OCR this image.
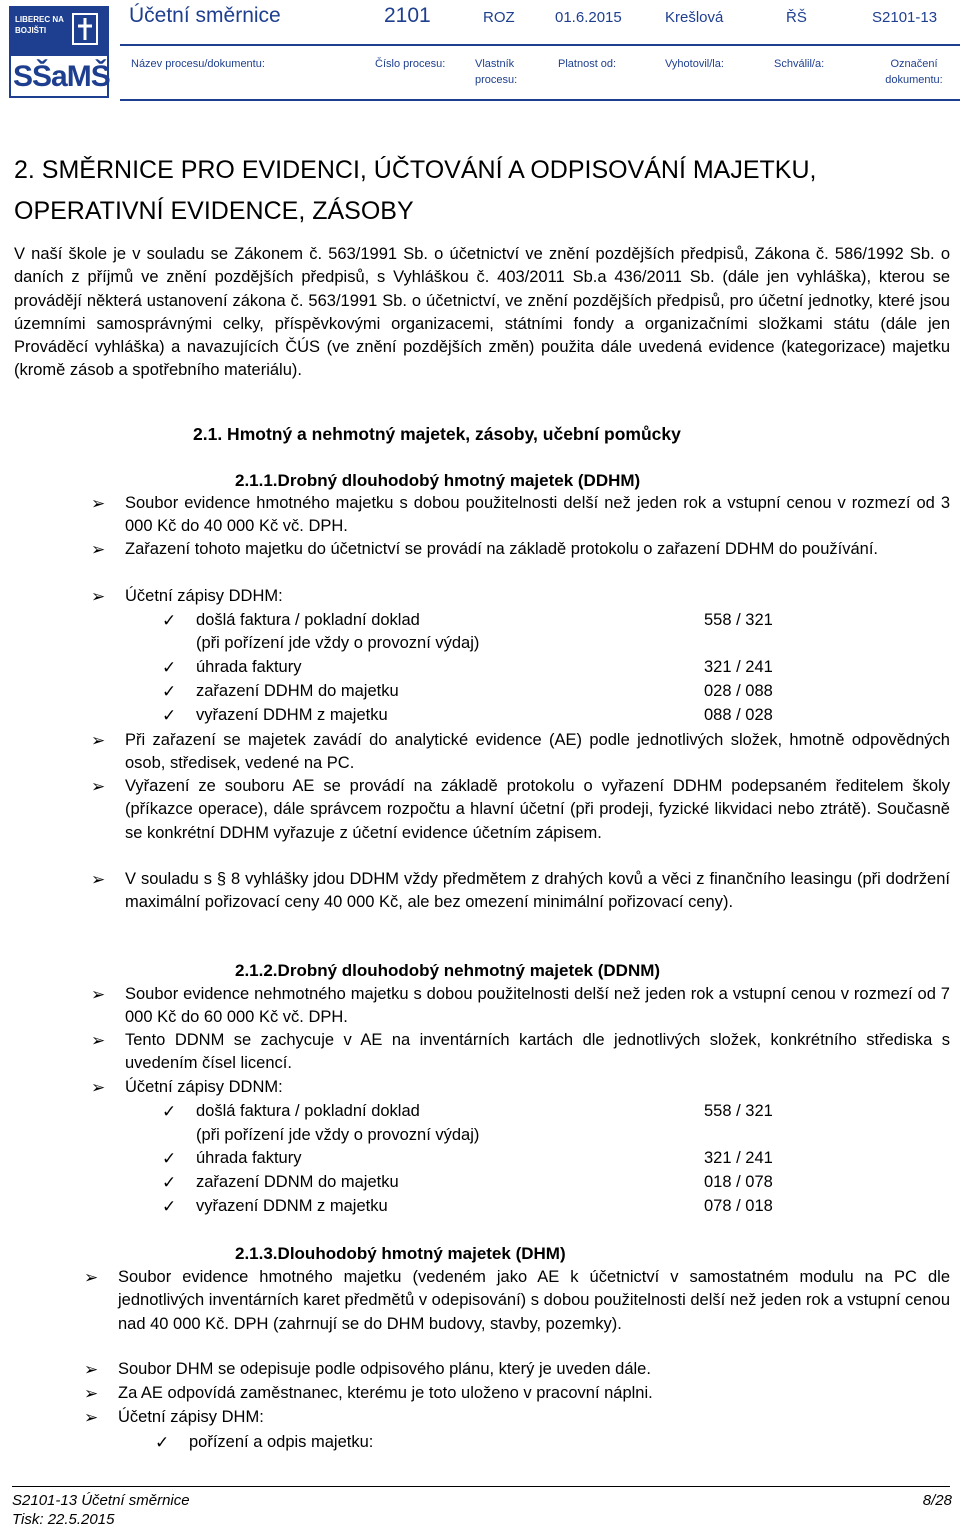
LIBEREC NA BOJIŠTI
SŠaMŠ
Účetní směrnice	2101	ROZ	01.6.2015	Krešlová	ŘŠ	S2101-13
Název procesu/dokumentu:	Číslo procesu:	Vlastník procesu:
Platnost od:	Vyhotovil/la:	Schválil/a:	Označení dokumentu:
2. SMĚRNICE PRO EVIDENCI, ÚČTOVÁNÍ A ODPISOVÁNÍ MAJETKU, OPERATIVNÍ EVIDENCE, ZÁSOBY
V naší škole je v souladu se Zákonem č. 563/1991 Sb. o účetnictví ve znění pozdějších předpisů, Zákona č. 586/1992 Sb. o daních z příjmů ve znění pozdějších předpisů, s Vyhláškou č. 403/2011 Sb.a 436/2011 Sb. (dále jen vyhláška), kterou se provádějí některá ustanovení zákona č. 563/1991 Sb. o účetnictví, ve znění pozdějších předpisů, pro účetní jednotky, které jsou územními samosprávnými celky, příspěvkovými organizacemi, státními fondy a organizačními složkami státu (dále jen Prováděcí vyhláška) a navazujících ČÚS (ve znění pozdějších změn) použita dále uvedená evidence (kategorizace) majetku (kromě zásob a spotřebního materiálu).
2.1. Hmotný a nehmotný majetek, zásoby, učební pomůcky
2.1.1.Drobný dlouhodobý hmotný majetek (DDHM)
➢ Soubor evidence hmotného majetku s dobou použitelnosti delší než jeden rok a vstupní cenou v rozmezí od 3 000 Kč do 40 000 Kč vč. DPH.
➢ Zařazení tohoto majetku do účetnictví se provádí na základě protokolu o zařazení DDHM do používání.
➢ Účetní zápisy DDHM:
✓ došlá faktura / pokladní doklad	558 / 321
(při pořízení jde vždy o provozní výdaj)
✓ úhrada faktury	321 / 241
✓ zařazení DDHM do majetku	028 / 088
✓ vyřazení DDHM z majetku	088 / 028
➢ Při zařazení se majetek zavádí do analytické evidence (AE) podle jednotlivých složek, hmotně odpovědných osob, středisek, vedené na PC.
➢ Vyřazení ze souboru AE se provádí na základě protokolu o vyřazení DDHM podepsaném ředitelem školy (příkazce operace), dále správcem rozpočtu a hlavní účetní (při prodeji, fyzické likvidaci nebo ztrátě). Současně se konkrétní DDHM vyřazuje z účetní evidence účetním zápisem.
➢ V souladu s § 8 vyhlášky jdou DDHM vždy předmětem z drahých kovů a věci z finančního leasingu (při dodržení maximální pořizovací ceny 40 000 Kč, ale bez omezení minimální pořizovací ceny).
2.1.2.Drobný dlouhodobý nehmotný majetek (DDNM)
➢ Soubor evidence nehmotného majetku s dobou použitelnosti delší než jeden rok a vstupní cenou v rozmezí od 7 000 Kč do 60 000 Kč vč. DPH.
➢ Tento DDNM se zachycuje v AE na inventárních kartách dle jednotlivých složek, konkrétního střediska s uvedením čísel licencí.
➢ Účetní zápisy DDNM:
✓ došlá faktura / pokladní doklad	558 / 321
(při pořízení jde vždy o provozní výdaj)
✓ úhrada faktury	321 / 241
✓ zařazení DDNM do majetku	018 / 078
✓ vyřazení DDNM z majetku	078 / 018
2.1.3.Dlouhodobý hmotný majetek (DHM)
➢ Soubor evidence hmotného majetku (vedeném jako AE k účetnictví v samostatném modulu na PC dle jednotlivých inventárních karet předmětů v odepisování) s dobou použitelnosti delší než jeden rok a vstupní cenou nad 40 000 Kč. DPH (zahrnují se do DHM budovy, stavby, pozemky).
➢ Soubor DHM se odepisuje podle odpisového plánu, který je uveden dále.
➢ Za AE odpovídá zaměstnanec, kterému je toto uloženo v pracovní náplni.
➢ Účetní zápisy DHM:
✓ pořízení a odpis majetku:
S2101-13 Účetní směrnice
Tisk: 22.5.2015
8/28
